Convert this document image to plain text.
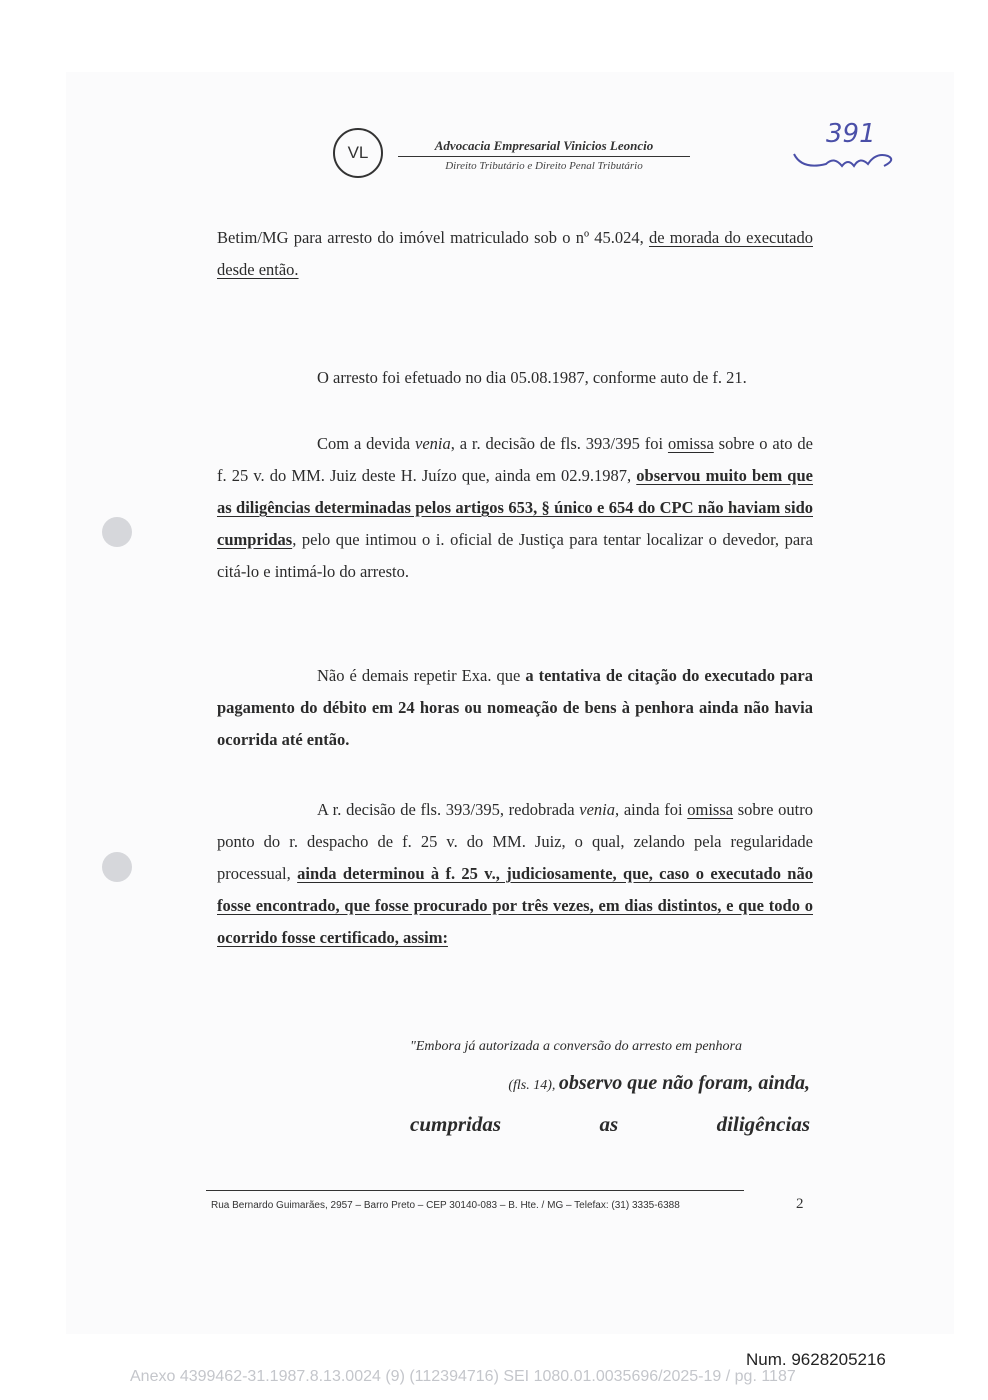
VL	Advocacia Empresarial Vinicios Leoncio
Direito Tributário e Direito Penal Tributário
391
Betim/MG para arresto do imóvel matriculado sob o nº 45.024, de morada do executado desde então.
O arresto foi efetuado no dia 05.08.1987, conforme auto de f. 21.
Com a devida venia, a r. decisão de fls. 393/395 foi omissa sobre o ato de f. 25 v. do MM. Juiz deste H. Juízo que, ainda em 02.9.1987, observou muito bem que as diligências determinadas pelos artigos 653, § único e 654 do CPC não haviam sido cumpridas, pelo que intimou o i. oficial de Justiça para tentar localizar o devedor, para citá-lo e intimá-lo do arresto.
Não é demais repetir Exa. que a tentativa de citação do executado para pagamento do débito em 24 horas ou nomeação de bens à penhora ainda não havia ocorrida até então.
A r. decisão de fls. 393/395, redobrada venia, ainda foi omissa sobre outro ponto do r. despacho de f. 25 v. do MM. Juiz, o qual, zelando pela regularidade processual, ainda determinou à f. 25 v., judiciosamente, que, caso o executado não fosse encontrado, que fosse procurado por três vezes, em dias distintos, e que todo o ocorrido fosse certificado, assim:
"Embora já autorizada a conversão do arresto em penhora
(fls. 14), observo que não foram, ainda,
cumpridas as diligências
Rua Bernardo Guimarães, 2957 – Barro Preto – CEP 30140-083 – B. Hte. / MG – Telefax: (31) 3335-6388	2
Num. 9628205216
Anexo 4399462-31.1987.8.13.0024 (9) (112394716) SEI 1080.01.0035696/2025-19 / pg. 1187
